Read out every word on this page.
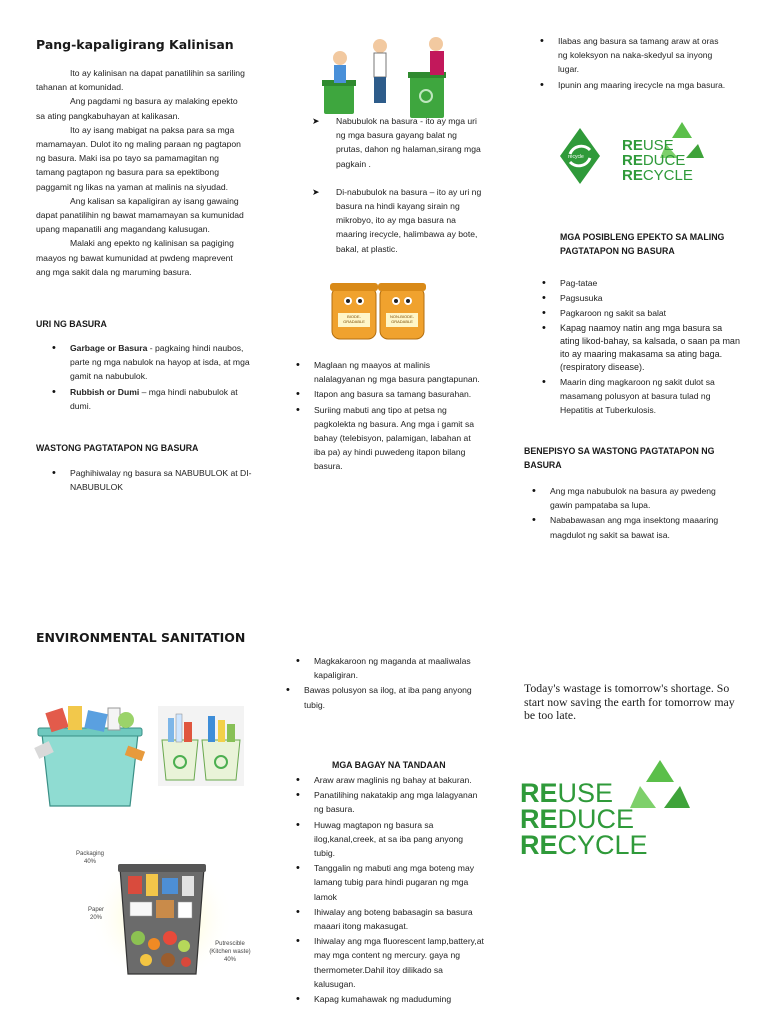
Pang-kapaligirang Kalinisan

Ito ay kalinisan na dapat panatilihin sa sariling tahanan at komunidad.

Ang pagdami ng basura ay malaking epekto sa ating pangkabuhayan at kalikasan.

Ito ay isang mabigat na paksa para sa mga mamamayan. Dulot ito ng maling paraan ng pagtapon ng basura. Maki isa po tayo sa pamamagitan ng tamang pagtapon ng basura para sa epektibong paggamit ng likas na yaman at malinis na siyudad.

Ang kalisan sa kapaligiran ay isang gawaing dapat panatilihin ng bawat mamamayan sa kumunidad upang mapanatili ang magandang kalusugan.

Malaki ang epekto ng kalinisan sa pagiging maayos ng bawat kumunidad at pwdeng maprevent ang mga sakit dala ng maruming basura.

URI NG BASURA
• Garbage or Basura - pagkaing hindi naubos, parte ng mga nabulok na hayop at isda, at mga gamit na nabubulok.
• Rubbish or Dumi – mga hindi nabubulok at dumi.
WASTONG PAGTATAPON NG BASURA
• Paghihiwalay ng basura sa NABUBULOK at DI-NABUBULOK
ENVIRONMENTAL SANITATION
Packaging
40%
Paper
20%
Putrescible
(Kitchen waste)
40%
➤ Nabubulok na basura - ito ay mga uri ng mga basura gayang balat ng prutas, dahon ng halaman,sirang mga pagkain .
➤ Di-nabubulok na basura – ito ay uri ng basura na hindi kayang sirain ng mikrobyo, ito ay mga basura na maaring irecycle, halimbawa ay bote, bakal, at plastic.
BIODE-GRADABLE
NON-BIODE-GRADABLE
• Maglaan ng maayos at malinis nalalagyanan ng mga basura pangtapunan.
• Itapon ang basura sa tamang basurahan.
• Suriing mabuti ang tipo at petsa ng pagkolekta ng basura. Ang mga i gamit sa bahay (telebisyon, palamigan, labahan at iba pa) ay hindi puwedeng itapon bilang basura.
• Magkakaroon ng maganda at maaliwalas kapaligiran.
• Bawas polusyon sa ilog, at iba pang anyong tubig.
MGA BAGAY NA TANDAAN
• Araw araw maglinis ng bahay at bakuran.
• Panatilihing nakatakip ang mga lalagyanan ng basura.
• Huwag magtapon ng basura sa ilog,kanal,creek, at sa iba pang anyong tubig.
• Tanggalin ng mabuti ang mga boteng may lamang tubig para hindi pugaran ng mga lamok
• Ihiwalay ang boteng babasagin sa basura maaari itong makasugat.
• Ihiwalay ang mga fluorescent lamp,battery,at may mga content ng mercury. gaya ng thermometer.Dahil itoy dilikado sa kalusugan.
• Kapag kumahawak ng maduduming
• Ilabas ang basura sa tamang araw at oras ng koleksyon na naka-skedyul sa inyong lugar.
• Ipunin ang maaring irecycle na mga basura.
recycle
REUSE
REDUCE
RECYCLE
MGA POSIBLENG EPEKTO SA MALING PAGTATAPON NG BASURA
• Pag-tatae
• Pagsusuka
• Pagkaroon ng sakit sa balat
• Kapag naamoy natin ang mga basura sa ating likod-bahay, sa kalsada, o saan pa man ito ay maaring makasama sa ating baga. (respiratory disease).
• Maarin ding magkaroon ng sakit dulot sa masamang polusyon at basura tulad ng Hepatitis at Tuberkulosis.
BENEPISYO SA WASTONG PAGTATAPON NG BASURA
• Ang mga nabubulok na basura ay pwedeng gawin pampataba sa lupa.
• Nababawasan ang mga insektong maaaring magdulot ng sakit sa bawat isa.
Today's wastage is tomorrow's shortage. So start now saving the earth for tomorrow may be too late.
REUSE
REDUCE
RECYCLE
